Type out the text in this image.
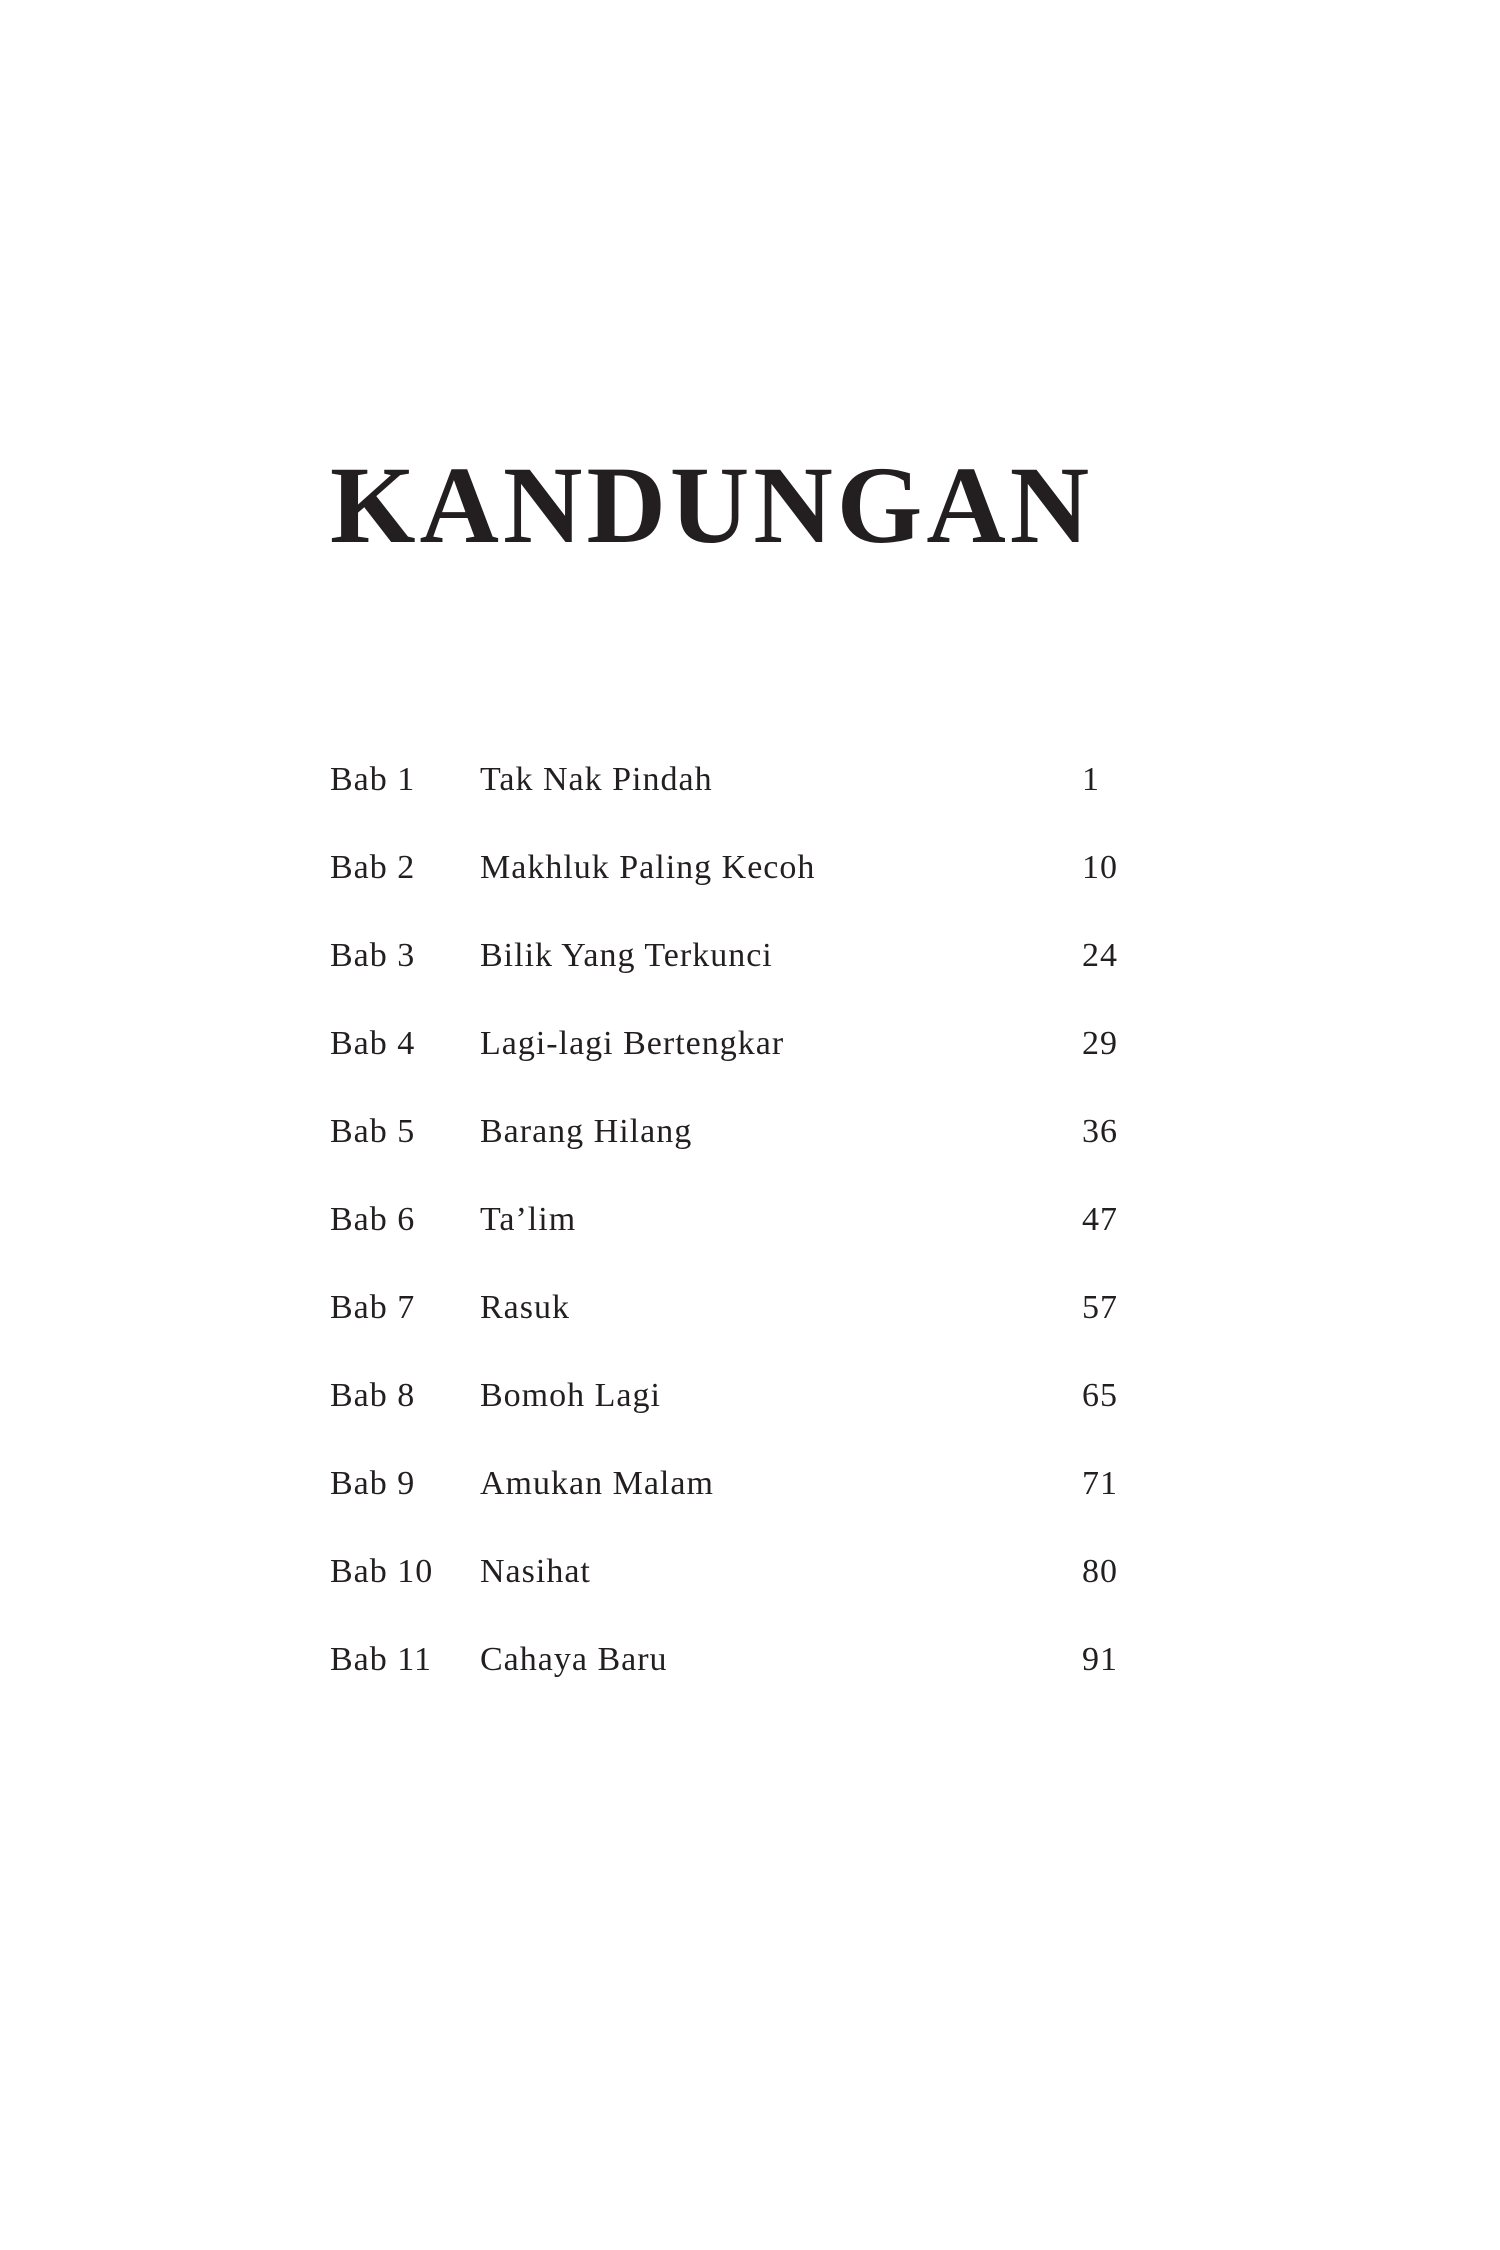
KANDUNGAN
Bab 1 Tak Nak Pindah	1
Bab 2 Makhluk Paling Kecoh	10
Bab 3 Bilik Yang Terkunci	24
Bab 4 Lagi-lagi Bertengkar	29
Bab 5 Barang Hilang	36
Bab 6 Ta’lim	47
Bab 7 Rasuk	57
Bab 8 Bomoh Lagi	65
Bab 9 Amukan Malam	71
Bab 10 Nasihat	80
Bab 11 Cahaya Baru	91
